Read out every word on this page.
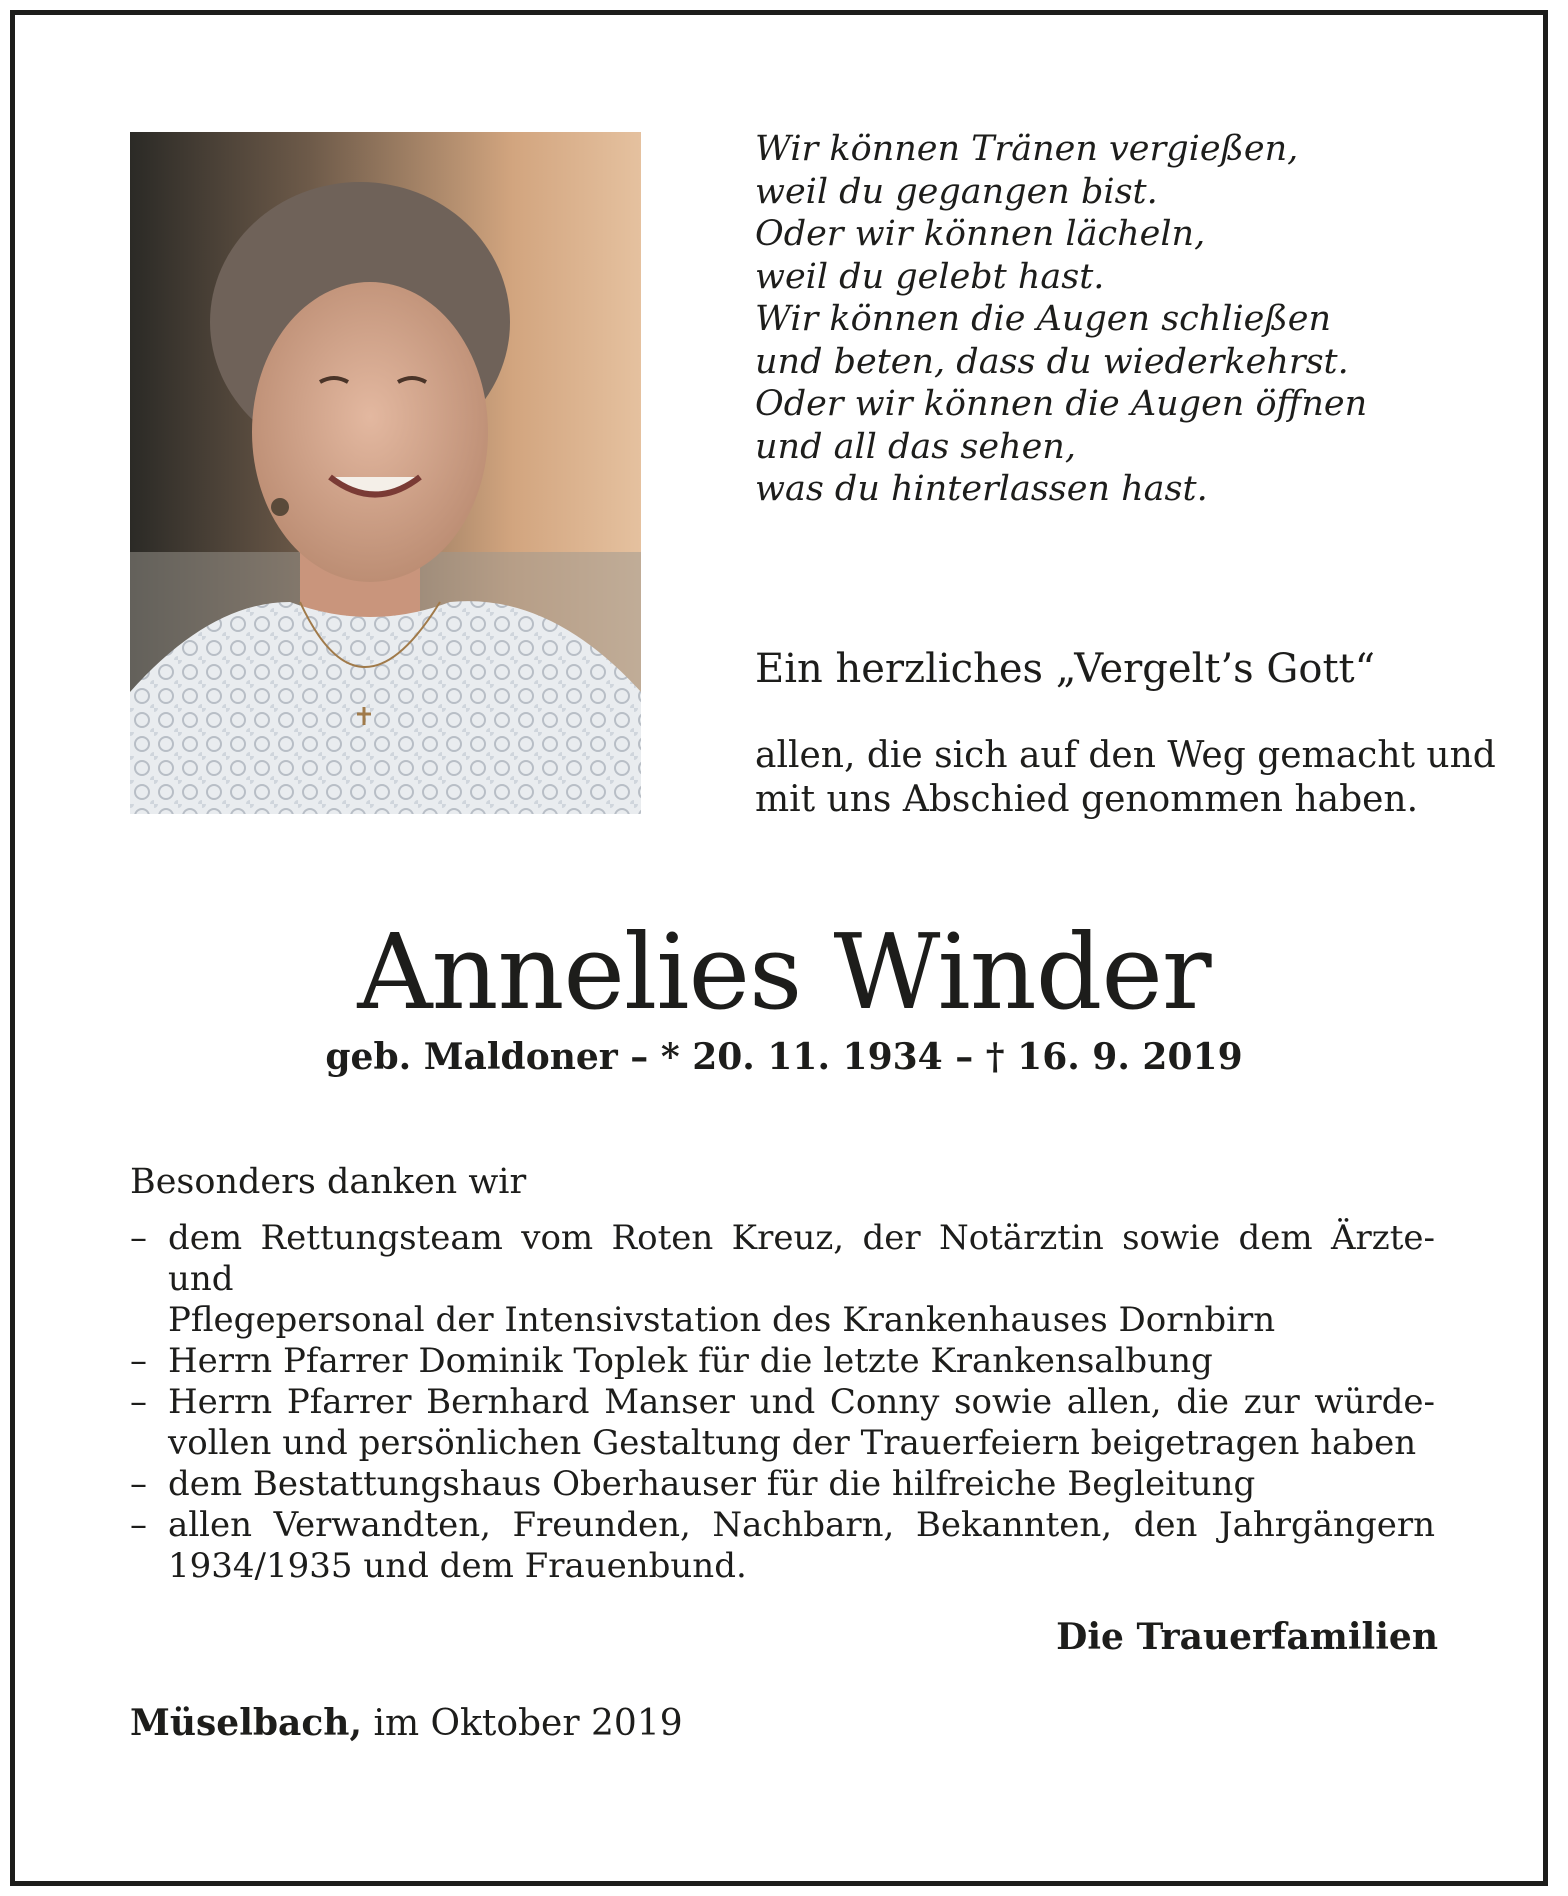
Wir können Tränen vergießen,
weil du gegangen bist.
Oder wir können lächeln,
weil du gelebt hast.
Wir können die Augen schließen
und beten, dass du wiederkehrst.
Oder wir können die Augen öffnen
und all das sehen,
was du hinterlassen hast.
Ein herzliches „Vergelt’s Gott“
allen, die sich auf den Weg gemacht und
mit uns Abschied genommen haben.
Annelies Winder
geb. Maldoner – * 20. 11. 1934 – † 16. 9. 2019
Besonders danken wir
– dem Rettungsteam vom Roten Kreuz, der Notärztin sowie dem Ärzte- und
Pflegepersonal der Intensivstation des Krankenhauses Dornbirn
– Herrn Pfarrer Dominik Toplek für die letzte Krankensalbung
– Herrn Pfarrer Bernhard Manser und Conny sowie allen, die zur würde-
vollen und persönlichen Gestaltung der Trauerfeiern beigetragen haben
– dem Bestattungshaus Oberhauser für die hilfreiche Begleitung
– allen Verwandten, Freunden, Nachbarn, Bekannten, den Jahrgängern
1934/1935 und dem Frauenbund.
Die Trauerfamilien
Müselbach, im Oktober 2019
